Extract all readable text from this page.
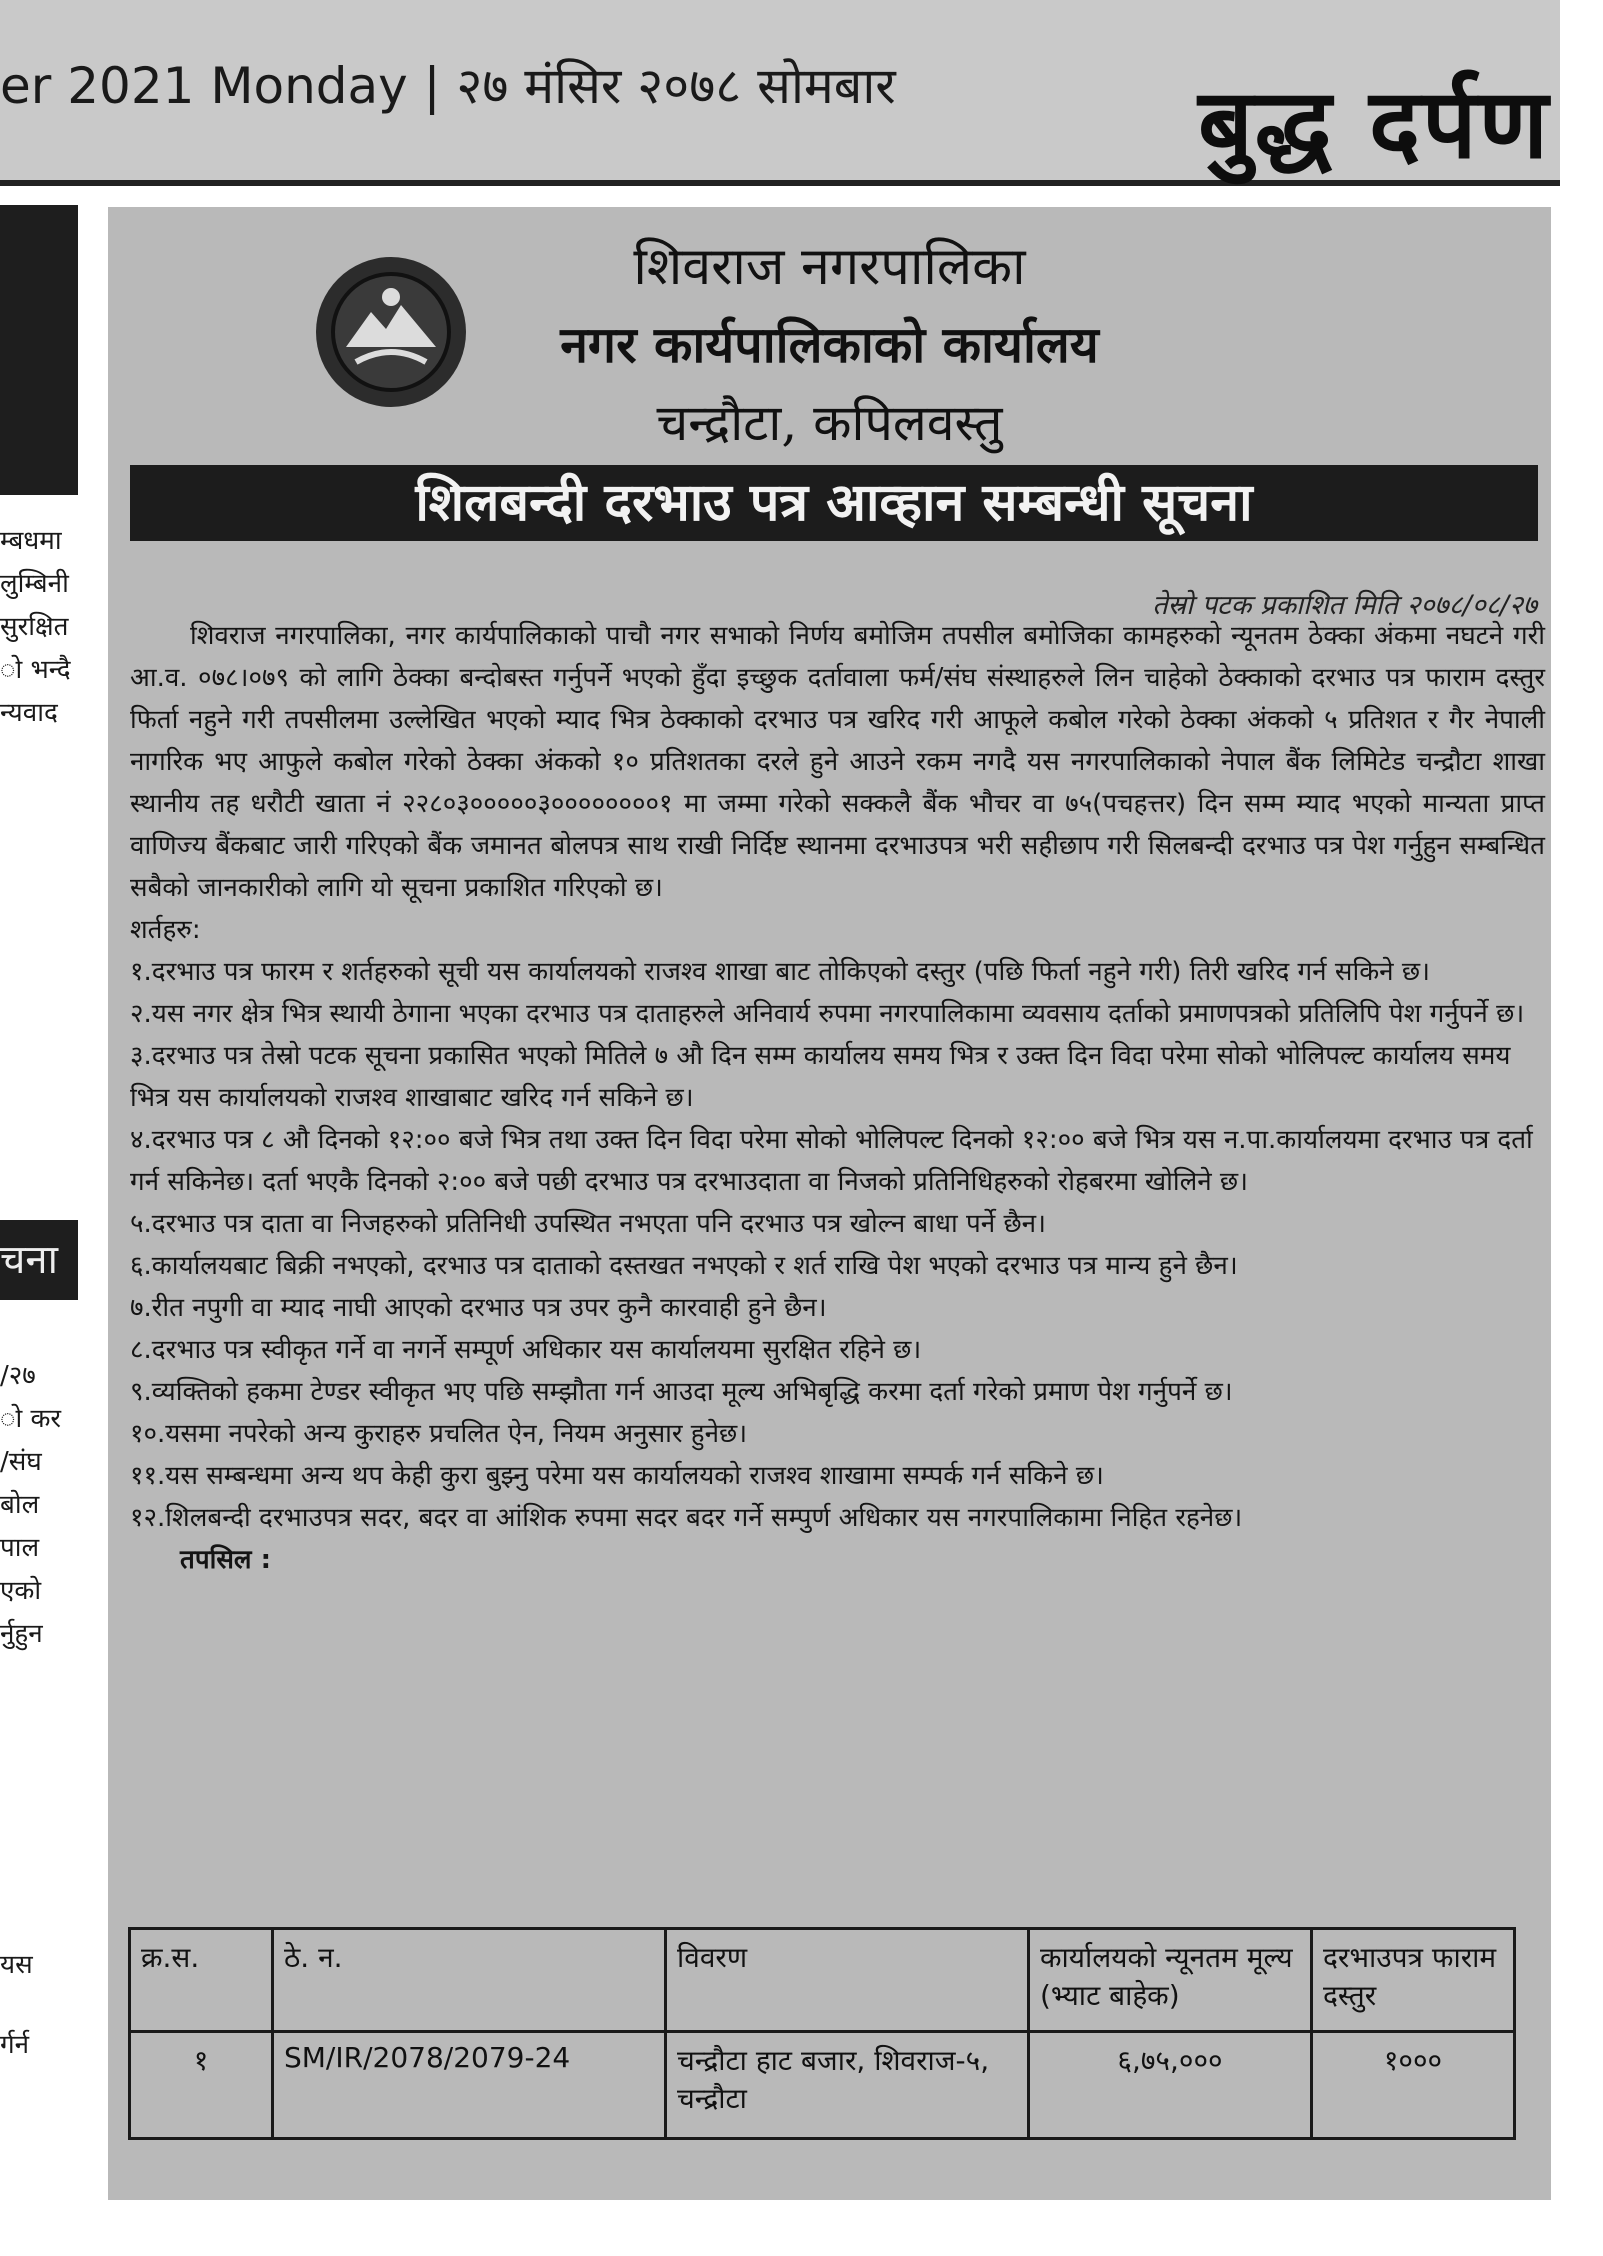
er 2021 Monday | २७ मंसिर २०७८ सोमबार	बुद्ध दर्पण
म्बधमा
लुम्बिनी
सुरक्षित
ो भन्दै
न्यवाद
चना
/२७
ो कर
/संघ
बोल
पाल
एको
र्नुहुन
यस
र्गर्न
शिवराज नगरपालिका
नगर कार्यपालिकाको कार्यालय
चन्द्रौटा, कपिलवस्तु
शिलबन्दी दरभाउ पत्र आव्हान सम्बन्धी सूचना
तेस्रो पटक प्रकाशित मिति २०७८/०८/२७

शिवराज नगरपालिका, नगर कार्यपालिकाको पाचौ नगर सभाको निर्णय बमोजिम तपसील बमोजिका कामहरुको न्यूनतम ठेक्का अंकमा नघटने गरी आ.व. ०७८।०७९ को लागि ठेक्का बन्दोबस्त गर्नुपर्ने भएको हुँदा इच्छुक दर्तावाला फर्म/संघ संस्थाहरुले लिन चाहेको ठेक्काको दरभाउ पत्र फाराम दस्तुर फिर्ता नहुने गरी तपसीलमा उल्लेखित भएको म्याद भित्र ठेक्काको दरभाउ पत्र खरिद गरी आफूले कबोल गरेको ठेक्का अंकको ५ प्रतिशत र गैर नेपाली नागरिक भए आफुले कबोल गरेको ठेक्का अंकको १० प्रतिशतका दरले हुने आउने रकम नगदै यस नगरपालिकाको नेपाल बैंक लिमिटेड चन्द्रौटा शाखा स्थानीय तह धरौटी खाता नं २२८०३०००००३००००००००१ मा जम्मा गरेको सक्कलै बैंक भौचर वा ७५(पचहत्तर) दिन सम्म म्याद भएको मान्यता प्राप्त वाणिज्य बैंकबाट जारी गरिएको बैंक जमानत बोलपत्र साथ राखी निर्दिष्ट स्थानमा दरभाउपत्र भरी सहीछाप गरी सिलबन्दी दरभाउ पत्र पेश गर्नुहुन सम्बन्धित सबैको जानकारीको लागि यो सूचना प्रकाशित गरिएको छ।

शर्तहरु:

१.दरभाउ पत्र फारम र शर्तहरुको सूची यस कार्यालयको राजश्व शाखा बाट तोकिएको दस्तुर (पछि फिर्ता नहुने गरी) तिरी खरिद गर्न सकिने छ।

२.यस नगर क्षेत्र भित्र स्थायी ठेगाना भएका दरभाउ पत्र दाताहरुले अनिवार्य रुपमा नगरपालिकामा व्यवसाय दर्ताको प्रमाणपत्रको प्रतिलिपि पेश गर्नुपर्ने छ।

३.दरभाउ पत्र तेस्रो पटक सूचना प्रकासित भएको मितिले ७ औ दिन सम्म कार्यालय समय भित्र र उक्त दिन विदा परेमा सोको भोलिपल्ट कार्यालय समय भित्र यस कार्यालयको राजश्व शाखाबाट खरिद गर्न सकिने छ।

४.दरभाउ पत्र ८ औ दिनको १२:०० बजे भित्र तथा उक्त दिन विदा परेमा सोको भोलिपल्ट दिनको १२:०० बजे भित्र यस न.पा.कार्यालयमा दरभाउ पत्र दर्ता गर्न सकिनेछ। दर्ता भएकै दिनको २:०० बजे पछी दरभाउ पत्र दरभाउदाता वा निजको प्रतिनिधिहरुको रोहबरमा खोलिने छ।

५.दरभाउ पत्र दाता वा निजहरुको प्रतिनिधी उपस्थित नभएता पनि दरभाउ पत्र खोल्न बाधा पर्ने छैन।

६.कार्यालयबाट बिक्री नभएको, दरभाउ पत्र दाताको दस्तखत नभएको र शर्त राखि पेश भएको दरभाउ पत्र मान्य हुने छैन।

७.रीत नपुगी वा म्याद नाघी आएको दरभाउ पत्र उपर कुनै कारवाही हुने छैन।

८.दरभाउ पत्र स्वीकृत गर्ने वा नगर्ने सम्पूर्ण अधिकार यस कार्यालयमा सुरक्षित रहिने छ।

९.व्यक्तिको हकमा टेण्डर स्वीकृत भए पछि सम्झौता गर्न आउदा मूल्य अभिबृद्धि करमा दर्ता गरेको प्रमाण पेश गर्नुपर्ने छ।

१०.यसमा नपरेको अन्य कुराहरु प्रचलित ऐन, नियम अनुसार हुनेछ।

११.यस सम्बन्धमा अन्य थप केही कुरा बुझ्नु परेमा यस कार्यालयको राजश्व शाखामा सम्पर्क गर्न सकिने छ।

१२.शिलबन्दी दरभाउपत्र सदर, बदर वा आंशिक रुपमा सदर बदर गर्ने सम्पुर्ण अधिकार यस नगरपालिकामा निहित रहनेछ।

तपसिल :

क्र.स.	ठे. न.	विवरण	कार्यालयको न्यूनतम मूल्य (भ्याट बाहेक)	दरभाउपत्र फाराम दस्तुर
१	SM/IR/2078/2079-24	चन्द्रौटा हाट बजार, शिवराज-५, चन्द्रौटा	६,७५,०००	१०००
